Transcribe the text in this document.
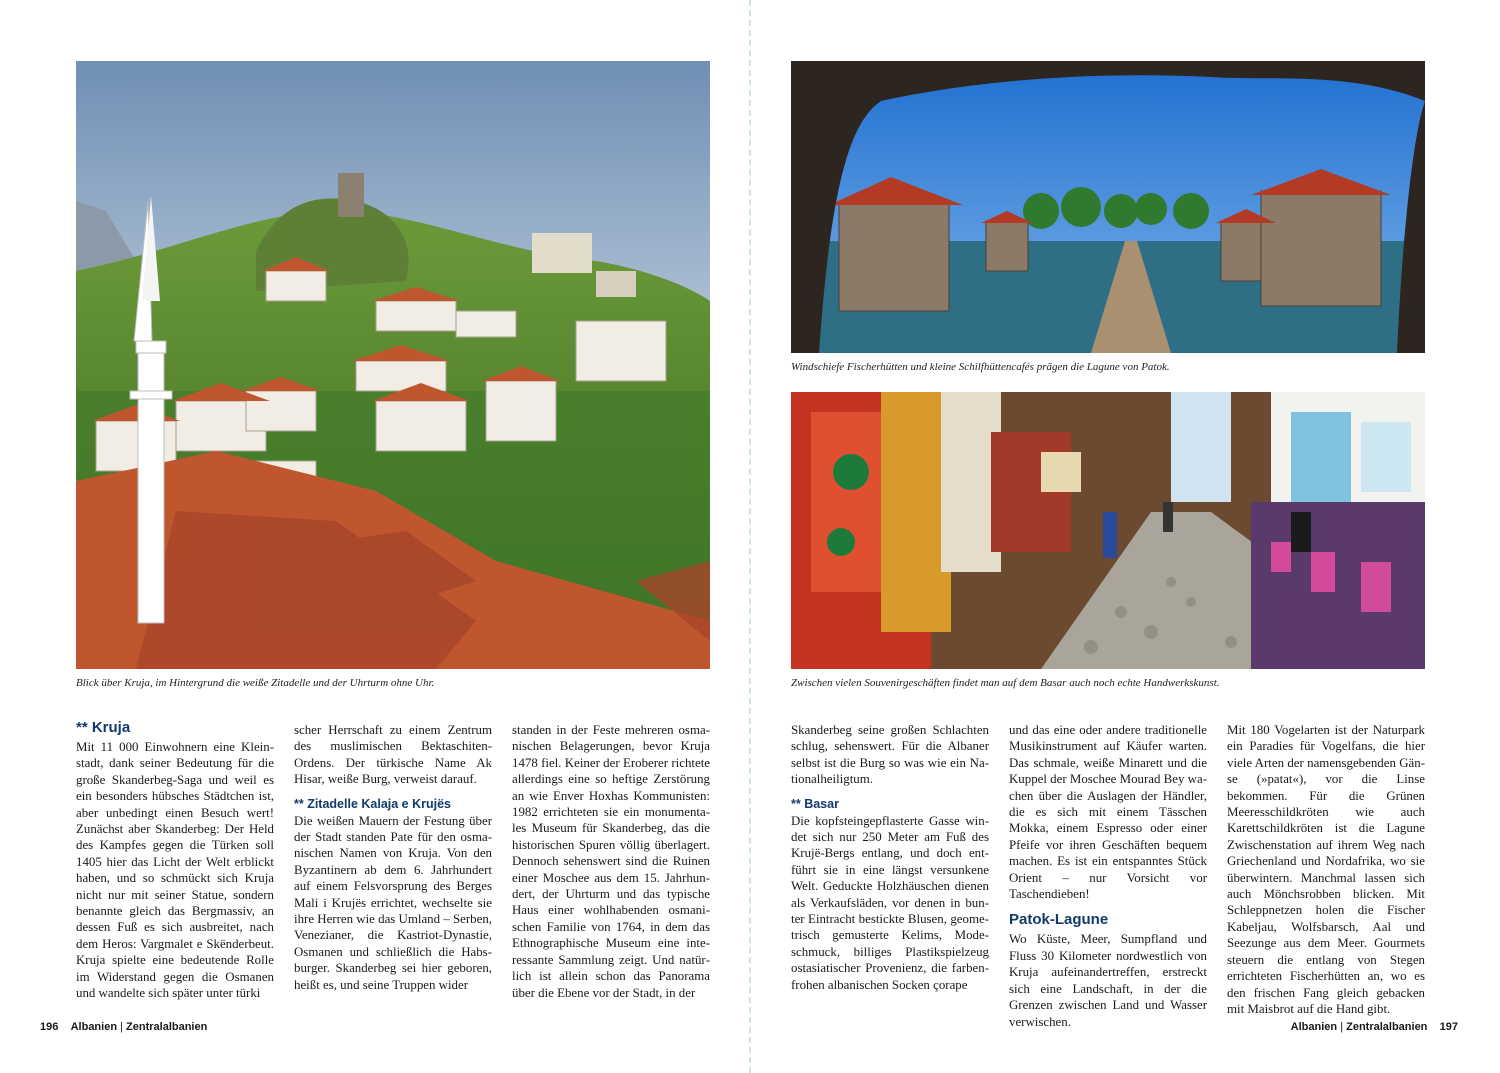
Blick über Kruja, im Hintergrund die weiße Zitadelle und der Uhrturm ohne Uhr.
Windschiefe Fischerhütten und kleine Schilfhüttencafés prägen die Lagune von Patok.
Zwischen vielen Souvenirgeschäften findet man auf dem Basar auch noch echte Handwerkskunst.
** Kruja

Mit 11 000 Einwohnern eine Kleinstadt, dank seiner Bedeutung für die große Skanderbeg-Saga und weil es ein besonders hübsches Städtchen ist, aber unbedingt einen Besuch wert! Zunächst aber Skanderbeg: Der Held des Kampfes gegen die Türken soll 1405 hier das Licht der Welt erblickt haben, und so schmückt sich Kruja nicht nur mit seiner Statue, sondern benannte gleich das Bergmassiv, an dessen Fuß es sich ausbreitet, nach dem Heros: Vargmalet e Skënderbeut. Kruja spielte eine bedeutende Rolle im Widerstand gegen die Osmanen und wandelte sich später unter türki

scher Herrschaft zu einem Zentrum des muslimischen Bektaschiten-Ordens. Der türkische Name Ak Hisar, weiße Burg, verweist darauf.

** Zitadelle Kalaja e Krujës

Die weißen Mauern der Festung über der Stadt standen Pate für den osmanischen Namen von Kruja. Von den Byzantinern ab dem 6. Jahrhundert auf einem Felsvorsprung des Berges Mali i Krujës errichtet, wechselte sie ihre Herren wie das Umland – Serben, Venezianer, die Kastriot-Dynastie, Osmanen und schließlich die Habsburger. Skanderbeg sei hier geboren, heißt es, und seine Truppen wider

standen in der Feste mehreren osmanischen Belagerungen, bevor Kruja 1478 fiel. Keiner der Eroberer richtete allerdings eine so heftige Zerstörung an wie Enver Hoxhas Kommunisten: 1982 errichteten sie ein monumentales Museum für Skanderbeg, das die historischen Spuren völlig überlagert. Dennoch sehenswert sind die Ruinen einer Moschee aus dem 15. Jahrhundert, der Uhrturm und das typische Haus einer wohlhabenden osmanischen Familie von 1764, in dem das Ethnographische Museum eine interessante Sammlung zeigt. Und natürlich ist allein schon das Panorama über die Ebene vor der Stadt, in der

Skanderbeg seine großen Schlachten schlug, sehenswert. Für die Albaner selbst ist die Burg so was wie ein Nationalheiligtum.

** Basar

Die kopfsteingepflasterte Gasse windet sich nur 250 Meter am Fuß des Krujë-Bergs entlang, und doch entführt sie in eine längst versunkene Welt. Geduckte Holzhäuschen dienen als Verkaufsläden, vor denen in bunter Eintracht bestickte Blusen, geometrisch gemusterte Kelims, Modeschmuck, billiges Plastikspielzeug ostasiatischer Provenienz, die farbenfrohen albanischen Socken çorape

und das eine oder andere traditionelle Musikinstrument auf Käufer warten. Das schmale, weiße Minarett und die Kuppel der Moschee Mourad Bey wachen über die Auslagen der Händler, die es sich mit einem Tässchen Mokka, einem Espresso oder einer Pfeife vor ihren Geschäften bequem machen. Es ist ein entspanntes Stück Orient – nur Vorsicht vor Taschendieben!

Patok-Lagune

Wo Küste, Meer, Sumpfland und Fluss 30 Kilometer nordwestlich von Kruja aufeinandertreffen, erstreckt sich eine Landschaft, in der die Grenzen zwischen Land und Wasser verwischen.

Mit 180 Vogelarten ist der Naturpark ein Paradies für Vogelfans, die hier viele Arten der namensgebenden Gänse (»patat«), vor die Linse bekommen. Für die Grünen Meeresschildkröten wie auch Karettschildkröten ist die Lagune Zwischenstation auf ihrem Weg nach Griechenland und Nordafrika, wo sie überwintern. Manchmal lassen sich auch Mönchsrobben blicken. Mit Schleppnetzen holen die Fischer Kabeljau, Wolfsbarsch, Aal und Seezunge aus dem Meer. Gourmets steuern die entlang von Stegen errichteten Fischerhütten an, wo es den frischen Fang gleich gebacken mit Maisbrot auf die Hand gibt.

196 Albanien | Zentralalbanien	Albanien | Zentralalbanien 197
